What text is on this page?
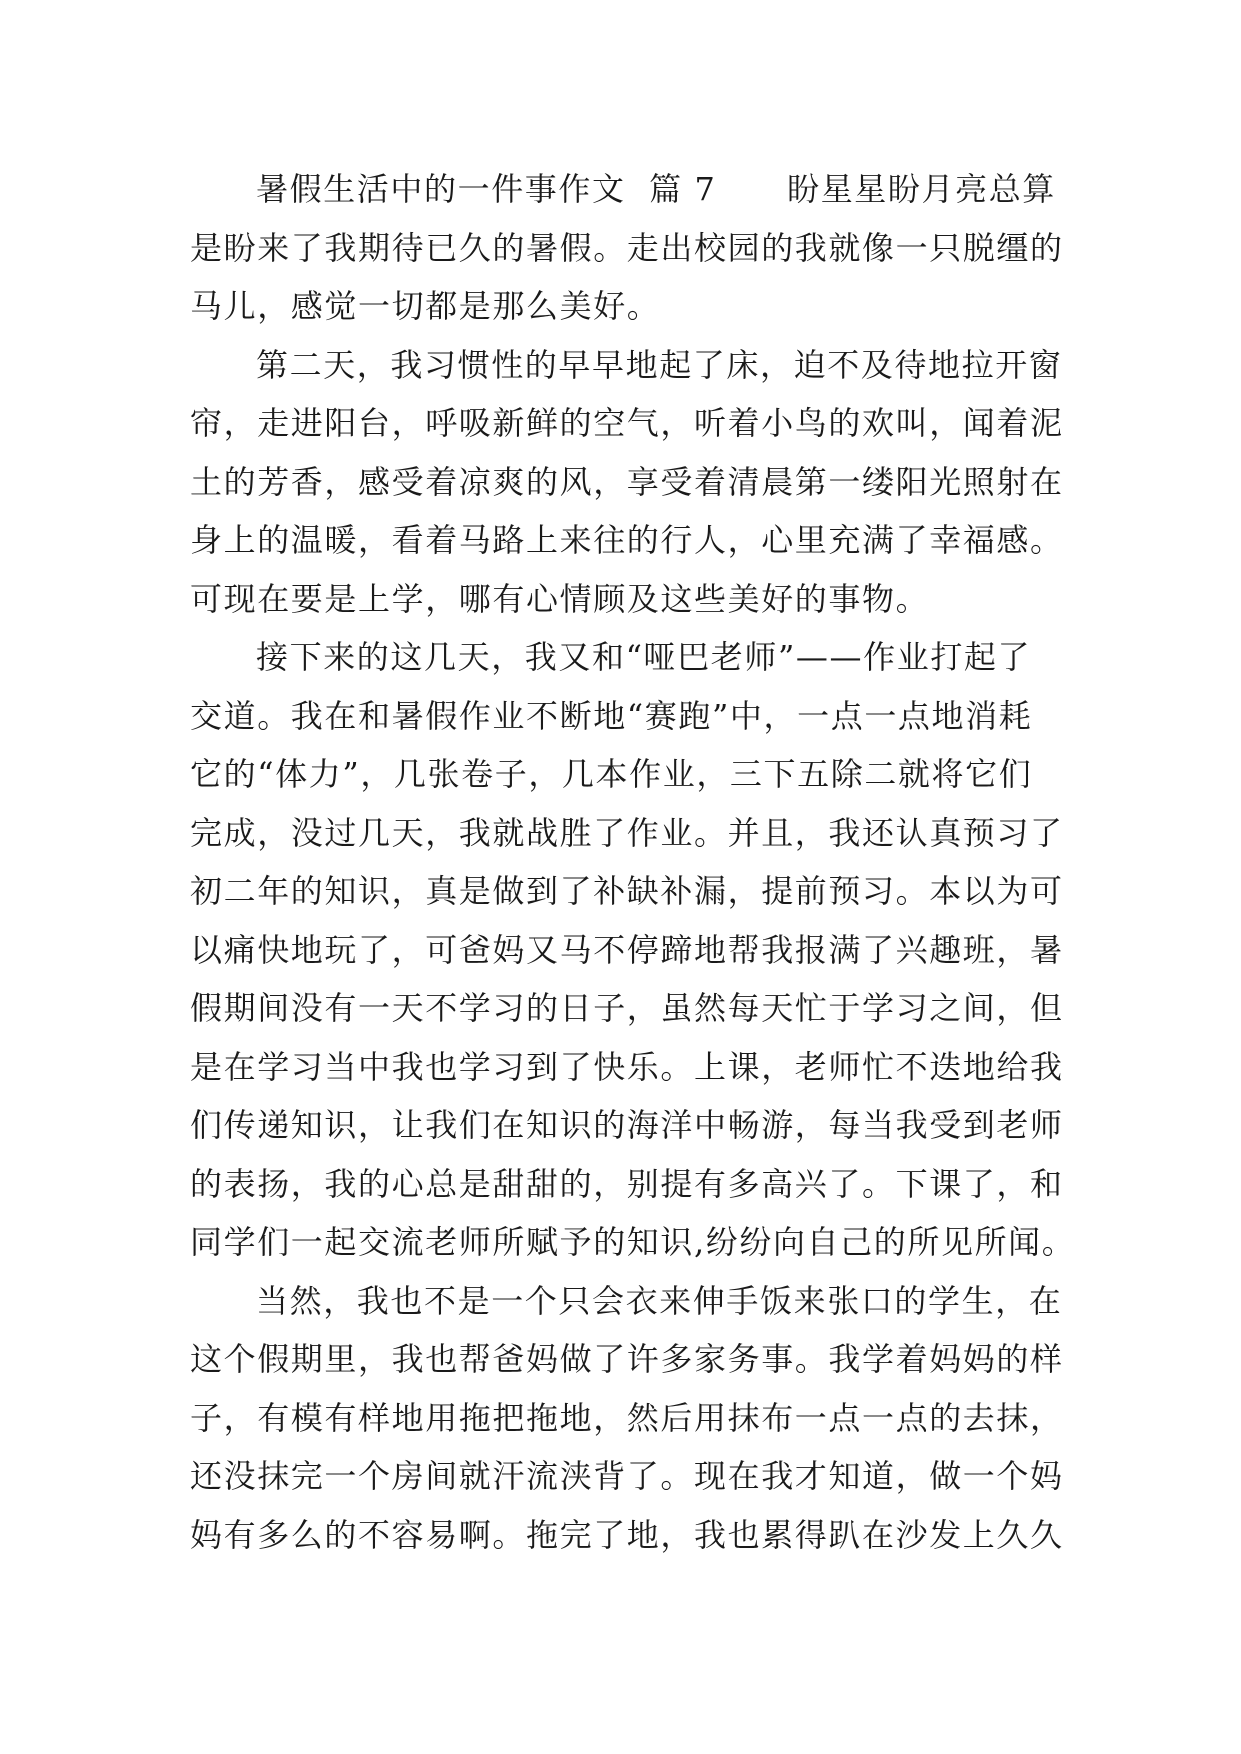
暑假生活中的一件事作文  篇 7      盼星星盼月亮总算
是盼来了我期待已久的暑假。走出校园的我就像一只脱缰的
马儿，感觉一切都是那么美好。
第二天，我习惯性的早早地起了床，迫不及待地拉开窗
帘，走进阳台，呼吸新鲜的空气，听着小鸟的欢叫，闻着泥
土的芳香，感受着凉爽的风，享受着清晨第一缕阳光照射在
身上的温暖，看着马路上来往的行人，心里充满了幸福感。
可现在要是上学，哪有心情顾及这些美好的事物。
接下来的这几天，我又和“哑巴老师”——作业打起了
交道。我在和暑假作业不断地“赛跑”中，一点一点地消耗
它的“体力”，几张卷子，几本作业，三下五除二就将它们
完成，没过几天，我就战胜了作业。并且，我还认真预习了
初二年的知识，真是做到了补缺补漏，提前预习。本以为可
以痛快地玩了，可爸妈又马不停蹄地帮我报满了兴趣班，暑
假期间没有一天不学习的日子，虽然每天忙于学习之间，但
是在学习当中我也学习到了快乐。上课，老师忙不迭地给我
们传递知识，让我们在知识的海洋中畅游，每当我受到老师
的表扬，我的心总是甜甜的，别提有多高兴了。下课了，和
同学们一起交流老师所赋予的知识,纷纷向自己的所见所闻。
当然，我也不是一个只会衣来伸手饭来张口的学生，在
这个假期里，我也帮爸妈做了许多家务事。我学着妈妈的样
子，有模有样地用拖把拖地，然后用抹布一点一点的去抹，
还没抹完一个房间就汗流浃背了。现在我才知道，做一个妈
妈有多么的不容易啊。拖完了地，我也累得趴在沙发上久久
